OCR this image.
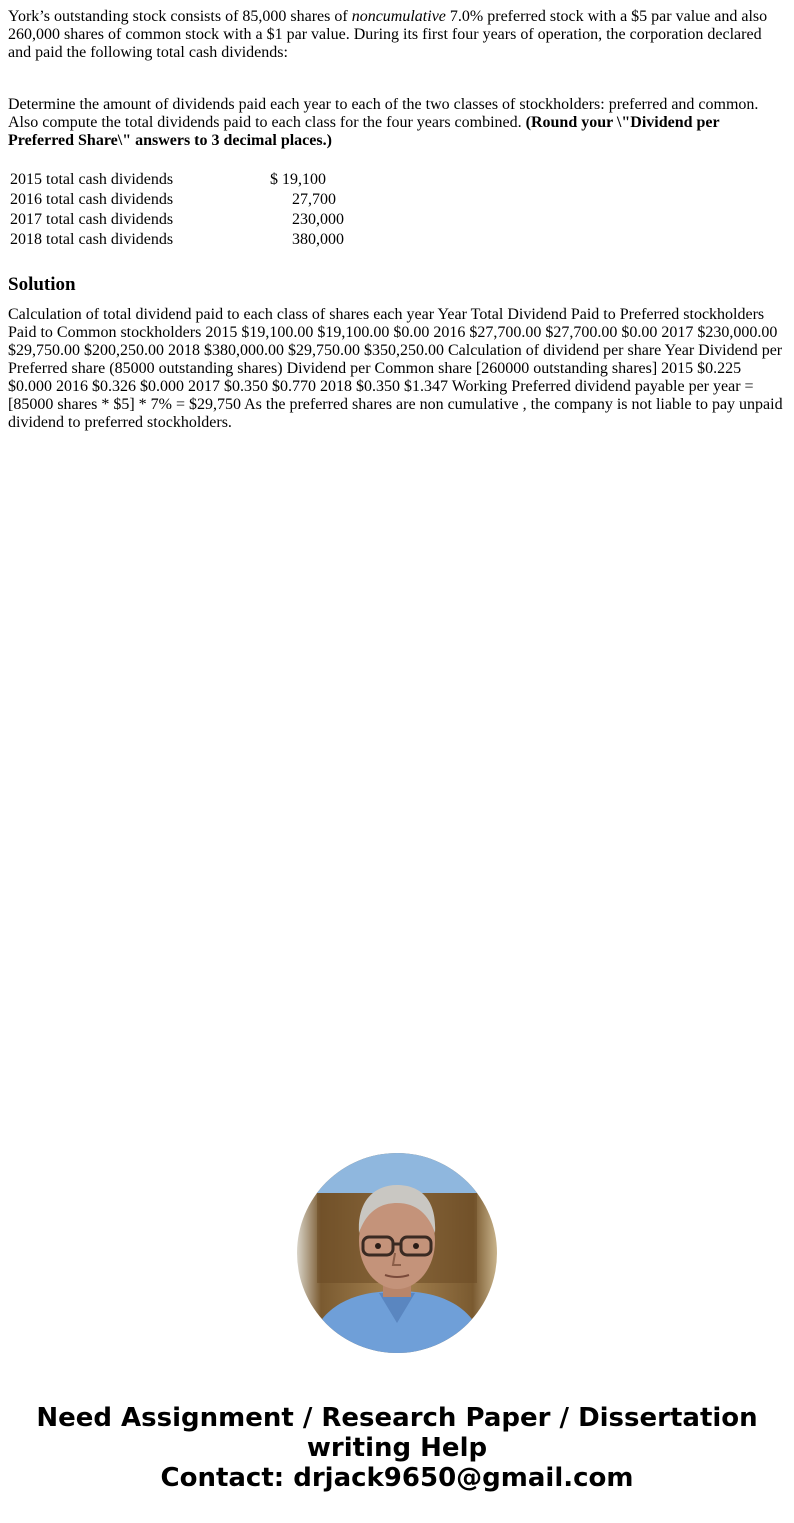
York’s outstanding stock consists of 85,000 shares of noncumulative 7.0% preferred stock with a $5 par value and also 260,000 shares of common stock with a $1 par value. During its first four years of operation, the corporation declared and paid the following total cash dividends:

Determine the amount of dividends paid each year to each of the two classes of stockholders: preferred and common. Also compute the total dividends paid to each class for the four years combined. (Round your \"Dividend per Preferred Share\" answers to 3 decimal places.)

2015 total cash dividends	$	19,100
2016 total cash dividends		27,700
2017 total cash dividends		230,000
2018 total cash dividends		380,000
Solution

Calculation of total dividend paid to each class of shares each year Year Total Dividend Paid to Preferred stockholders Paid to Common stockholders 2015 $19,100.00 $19,100.00 $0.00 2016 $27,700.00 $27,700.00 $0.00 2017 $230,000.00 $29,750.00 $200,250.00 2018 $380,000.00 $29,750.00 $350,250.00 Calculation of dividend per share Year Dividend per Preferred share (85000 outstanding shares) Dividend per Common share [260000 outstanding shares] 2015 $0.225 $0.000 2016 $0.326 $0.000 2017 $0.350 $0.770 2018 $0.350 $1.347 Working Preferred dividend payable per year = [85000 shares * $5] * 7% = $29,750 As the preferred shares are non cumulative , the company is not liable to pay unpaid dividend to preferred stockholders.

Need Assignment / Research Paper / Dissertation
writing Help
Contact: drjack9650@gmail.com
